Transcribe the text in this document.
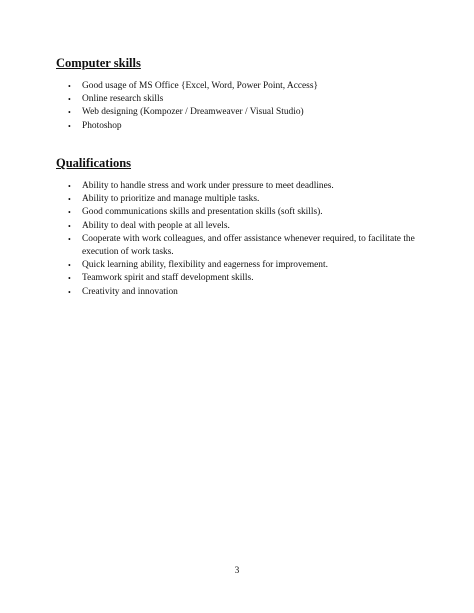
Computer skills
• Good usage of MS Office {Excel, Word, Power Point, Access}
• Online research skills
• Web designing (Kompozer / Dreamweaver / Visual Studio)
• Photoshop
Qualifications
• Ability to handle stress and work under pressure to meet deadlines.
• Ability to prioritize and manage multiple tasks.
• Good communications skills and presentation skills (soft skills).
• Ability to deal with people at all levels.
• Cooperate with work colleagues, and offer assistance whenever required, to facilitate the execution of work tasks.
• Quick learning ability, flexibility and eagerness for improvement.
• Teamwork spirit and staff development skills.
• Creativity and innovation
3
